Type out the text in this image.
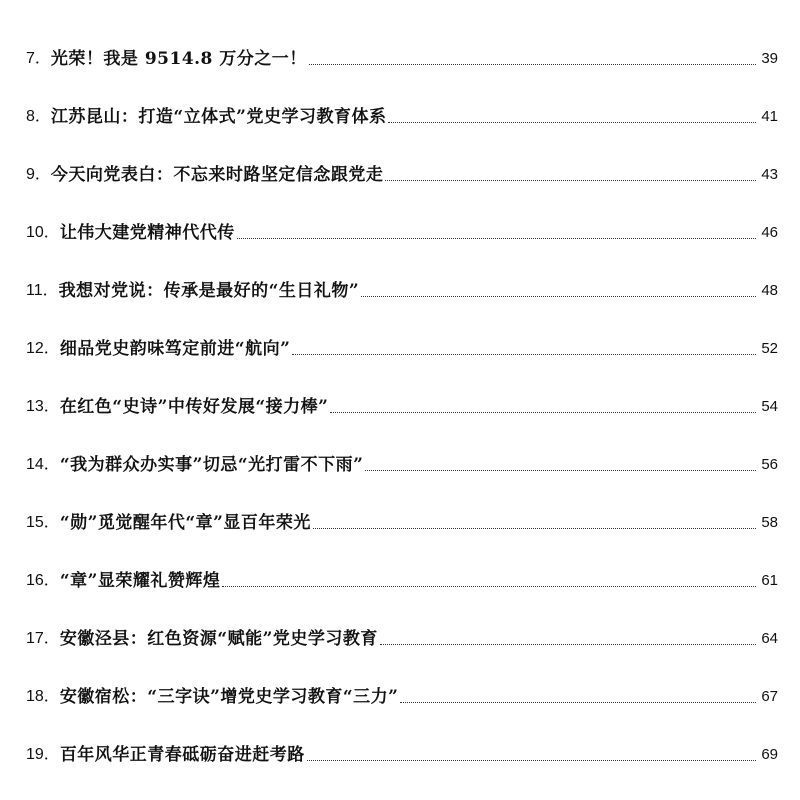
7． 光荣！我是 9514.8 万分之一！	39
8． 江苏昆山：打造“立体式”党史学习教育体系	41
9． 今天向党表白：不忘来时路坚定信念跟党走	43
10． 让伟大建党精神代代传	46
11． 我想对党说：传承是最好的“生日礼物”	48
12． 细品党史韵味笃定前进“航向”	52
13． 在红色“史诗”中传好发展“接力棒”	54
14． “我为群众办实事”切忌“光打雷不下雨”	56
15． “勋”觅觉醒年代“章”显百年荣光	58
16． “章”显荣耀礼赞辉煌	61
17． 安徽泾县：红色资源“赋能”党史学习教育	64
18． 安徽宿松：“三字诀”增党史学习教育“三力”	67
19． 百年风华正青春砥砺奋进赶考路	69
